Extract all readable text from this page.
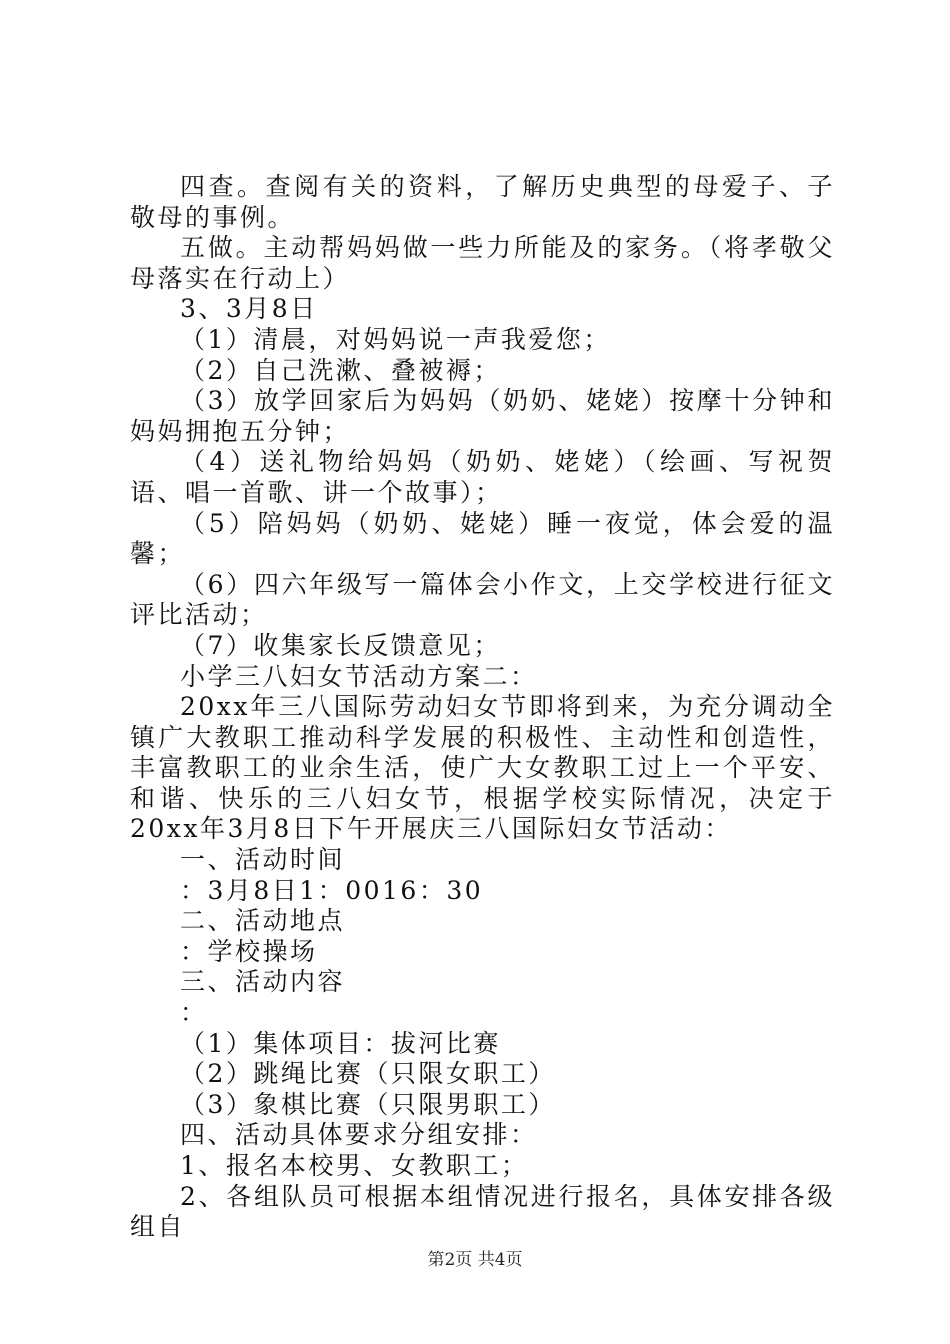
四查。查阅有关的资料，了解历史典型的母爱子、子敬母的事例。

五做。主动帮妈妈做一些力所能及的家务。（将孝敬父母落实在行动上）

3、3月8日

（1）清晨，对妈妈说一声我爱您；

（2）自己洗漱、叠被褥；

（3）放学回家后为妈妈（奶奶、姥姥）按摩十分钟和妈妈拥抱五分钟；

（4）送礼物给妈妈（奶奶、姥姥）（绘画、写祝贺语、唱一首歌、讲一个故事）；

（5）陪妈妈（奶奶、姥姥）睡一夜觉，体会爱的温馨；

（6）四六年级写一篇体会小作文，上交学校进行征文评比活动；

（7）收集家长反馈意见；

小学三八妇女节活动方案二：

20xx年三八国际劳动妇女节即将到来，为充分调动全镇广大教职工推动科学发展的积极性、主动性和创造性，丰富教职工的业余生活，使广大女教职工过上一个平安、和谐、快乐的三八妇女节，根据学校实际情况，决定于20xx年3月8日下午开展庆三八国际妇女节活动：

一、活动时间

：3月8日1：0016：30

二、活动地点

：学校操场

三、活动内容

：

（1）集体项目：拔河比赛

（2）跳绳比赛（只限女职工）

（3）象棋比赛（只限男职工）

四、活动具体要求分组安排：

1、报名本校男、女教职工；

2、各组队员可根据本组情况进行报名，具体安排各级组自

第2页 共4页
